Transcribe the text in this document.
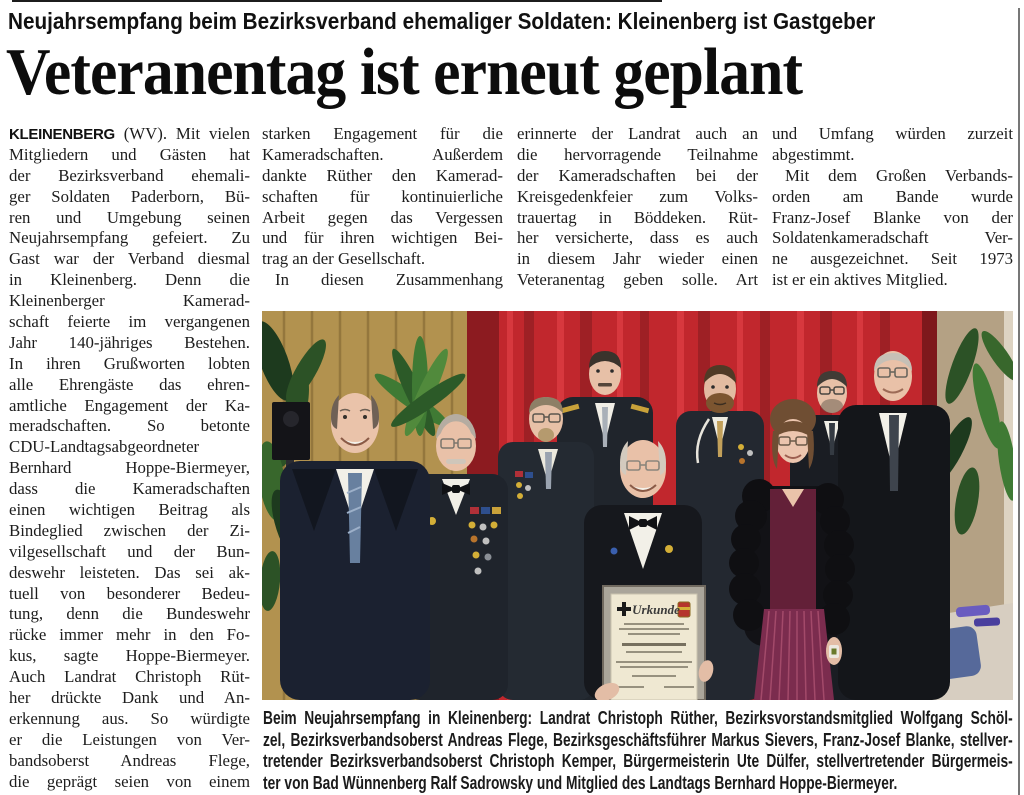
Neujahrsempfang beim Bezirksverband ehemaliger Soldaten: Kleinenberg ist Gastgeber
Veteranentag ist erneut geplant
KLEINENBERG (WV). Mit vielen
Mitgliedern und Gästen hat
der Bezirksverband ehemali-
ger Soldaten Paderborn, Bü-
ren und Umgebung seinen
Neujahrsempfang gefeiert. Zu
Gast war der Verband diesmal
in Kleinenberg. Denn die
Kleinenberger Kamerad-
schaft feierte im vergangenen
Jahr 140-jähriges Bestehen.
In ihren Grußworten lobten
alle Ehrengäste das ehren-
amtliche Engagement der Ka-
meradschaften. So betonte
CDU-Landtagsabgeordneter
Bernhard Hoppe-Biermeyer,
dass die Kameradschaften
einen wichtigen Beitrag als
Bindeglied zwischen der Zi-
vilgesellschaft und der Bun-
deswehr leisteten. Das sei ak-
tuell von besonderer Bedeu-
tung, denn die Bundeswehr
rücke immer mehr in den Fo-
kus, sagte Hoppe-Biermeyer.
Auch Landrat Christoph Rüt-
her drückte Dank und An-
erkennung aus. So würdigte
er die Leistungen von Ver-
bandsoberst Andreas Flege,
die geprägt seien von einem
starken Engagement für die
Kameradschaften. Außerdem
dankte Rüther den Kamerad-
schaften für kontinuierliche
Arbeit gegen das Vergessen
und für ihren wichtigen Bei-
trag an der Gesellschaft.
In diesen Zusammenhang
erinnerte der Landrat auch an
die hervorragende Teilnahme
der Kameradschaften bei der
Kreisgedenkfeier zum Volks-
trauertag in Böddeken. Rüt-
her versicherte, dass es auch
in diesem Jahr wieder einen
Veteranentag geben solle. Art
und Umfang würden zurzeit
abgestimmt.
Mit dem Großen Verbands-
orden am Bande wurde
Franz-Josef Blanke von der
Soldatenkameradschaft Ver-
ne ausgezeichnet. Seit 1973
ist er ein aktives Mitglied.
Urkunde
Beim Neujahrsempfang in Kleinenberg: Landrat Christoph Rüther, Bezirksvorstandsmitglied Wolfgang Schöl-
zel, Bezirksverbandsoberst Andreas Flege, Bezirksgeschäftsführer Markus Sievers, Franz-Josef Blanke, stellver-
tretender Bezirksverbandsoberst Christoph Kemper, Bürgermeisterin Ute Dülfer, stellvertretender Bürgermeis-
ter von Bad Wünnenberg Ralf Sadrowsky und Mitglied des Landtags Bernhard Hoppe-Biermeyer.
